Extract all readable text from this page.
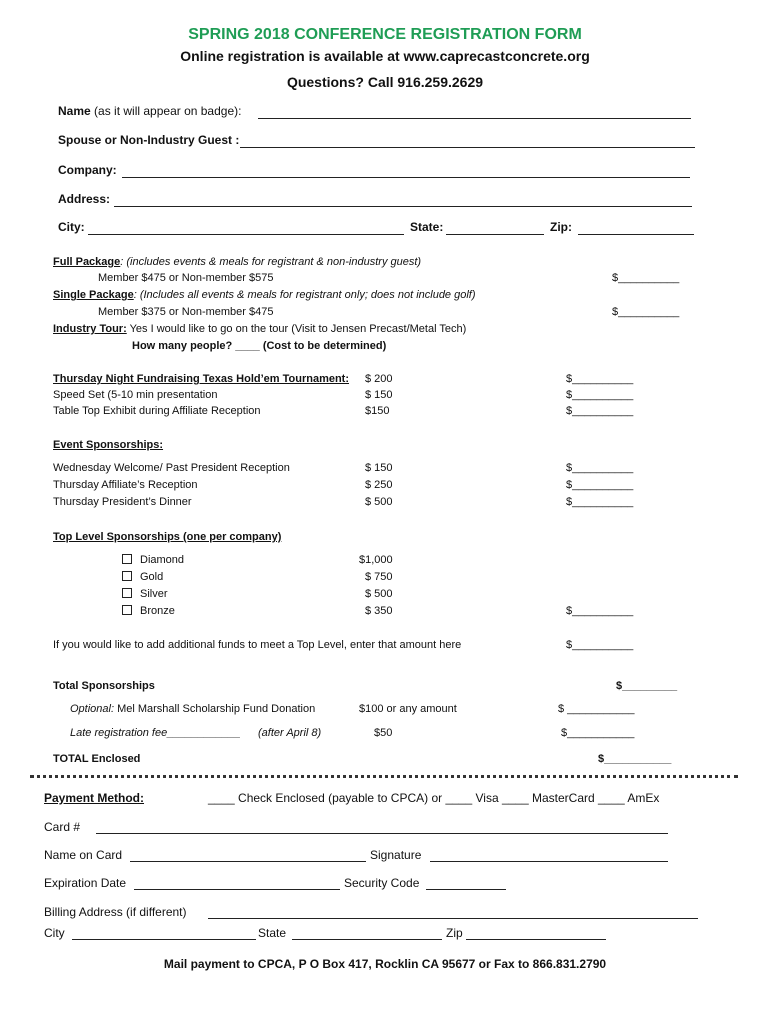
SPRING 2018 CONFERENCE REGISTRATION FORM
Online registration is available at www.caprecastconcrete.org
Questions? Call 916.259.2629
Name (as it will appear on badge):
Spouse or Non-Industry Guest :
Company:
Address:
City:	State:	Zip:
Full Package: (includes events & meals for registrant & non-industry guest)
Member $475 or Non-member $575	$__________
Single Package: (Includes all events & meals for registrant only; does not include golf)
Member $375 or Non-member $475	$__________
Industry Tour: Yes I would like to go on the tour (Visit to Jensen Precast/Metal Tech)
How many people? ____ (Cost to be determined)
Thursday Night Fundraising Texas Hold’em Tournament: $ 200	$__________
Speed Set (5-10 min presentation	$ 150	$__________
Table Top Exhibit during Affiliate Reception	$150	$__________
Event Sponsorships:
Wednesday Welcome/ Past President Reception	$ 150	$__________
Thursday Affiliate’s Reception	$ 250	$__________
Thursday President’s Dinner	$ 500	$__________
Top Level Sponsorships (one per company)
Diamond	$1,000
Gold	$ 750
Silver	$ 500
Bronze	$ 350	$__________
If you would like to add additional funds to meet a Top Level, enter that amount here	$__________
Total Sponsorships	$_________
Optional: Mel Marshall Scholarship Fund Donation	$100 or any amount	$ ___________
Late registration fee____________ (after April 8)	$50	$___________
TOTAL Enclosed	$___________
Payment Method:	____ Check Enclosed (payable to CPCA) or ____ Visa ____ MasterCard ____ AmEx
Card #
Name on Card	Signature
Expiration Date	Security Code
Billing Address (if different)
City	State	Zip
Mail payment to CPCA, P O Box 417, Rocklin CA 95677 or Fax to 866.831.2790
